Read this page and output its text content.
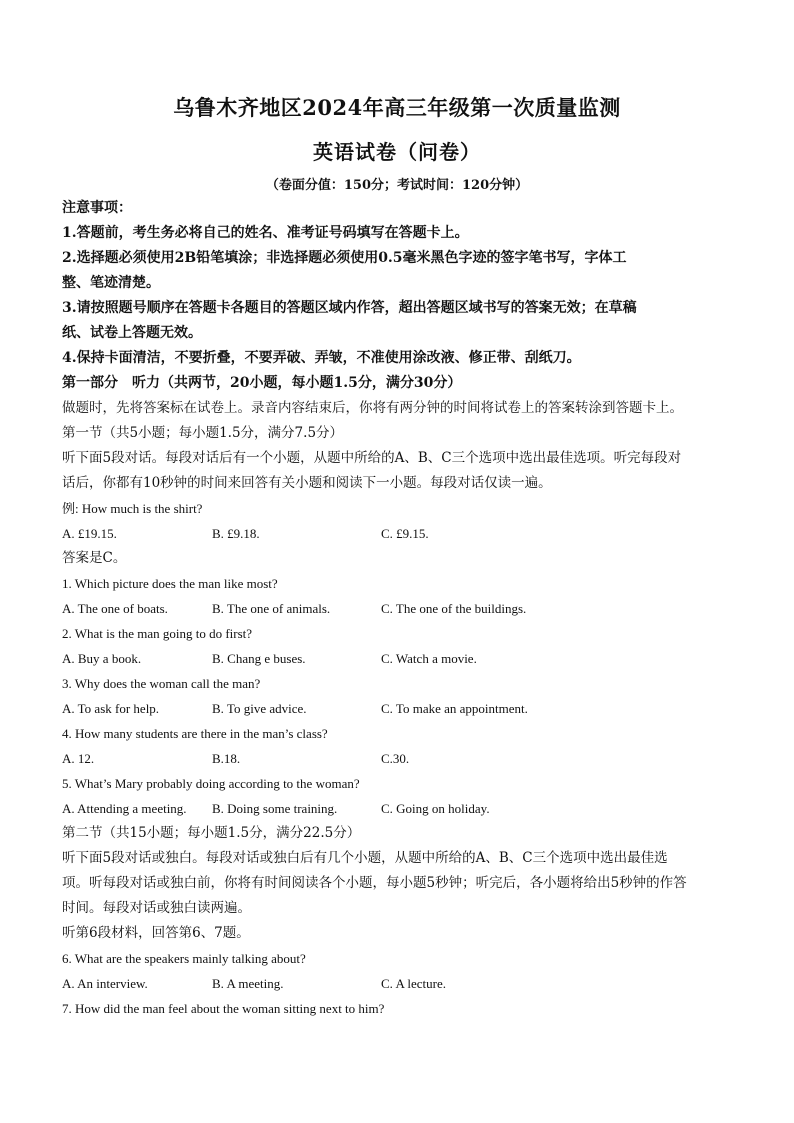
乌鲁木齐地区2024年高三年级第一次质量监测
英语试卷（问卷）
（卷面分值：150分；考试时间：120分钟）
注意事项：
1.答题前，考生务必将自己的姓名、准考证号码填写在答题卡上。
2.选择题必须使用2B铅笔填涂；非选择题必须使用0.5毫米黑色字迹的签字笔书写，字体工
整、笔迹清楚。
3.请按照题号顺序在答题卡各题目的答题区域内作答，超出答题区域书写的答案无效；在草稿
纸、试卷上答题无效。
4.保持卡面清洁，不要折叠，不要弄破、弄皱，不准使用涂改液、修正带、刮纸刀。
第一部分　听力（共两节，20小题，每小题1.5分，满分30分）
做题时，先将答案标在试卷上。录音内容结束后，你将有两分钟的时间将试卷上的答案转涂到答题卡上。
第一节（共5小题；每小题1.5分，满分7.5分）
听下面5段对话。每段对话后有一个小题，从题中所给的A、B、C三个选项中选出最佳选项。听完每段对
话后，你都有10秒钟的时间来回答有关小题和阅读下一小题。每段对话仅读一遍。
例: How much is the shirt?
A. £19.15.	B. £9.18.	C. £9.15.
答案是C。
1. Which picture does the man like most?
A. The one of boats.	B. The one of animals.	C. The one of the buildings.
2. What is the man going to do first?
A. Buy a book.	B. Chang e buses.	C. Watch a movie.
3. Why does the woman call the man?
A. To ask for help.	B. To give advice.	C. To make an appointment.
4. How many students are there in the man’s class?
A. 12.	B.18.	C.30.
5. What’s Mary probably doing according to the woman?
A. Attending a meeting.	B. Doing some training.	C. Going on holiday.
第二节（共15小题；每小题1.5分，满分22.5分）
听下面5段对话或独白。每段对话或独白后有几个小题，从题中所给的A、B、C三个选项中选出最佳选
项。听每段对话或独白前，你将有时间阅读各个小题，每小题5秒钟；听完后，各小题将给出5秒钟的作答
时间。每段对话或独白读两遍。
听第6段材料，回答第6、7题。
6. What are the speakers mainly talking about?
A. An interview.	B. A meeting.	C. A lecture.
7. How did the man feel about the woman sitting next to him?
